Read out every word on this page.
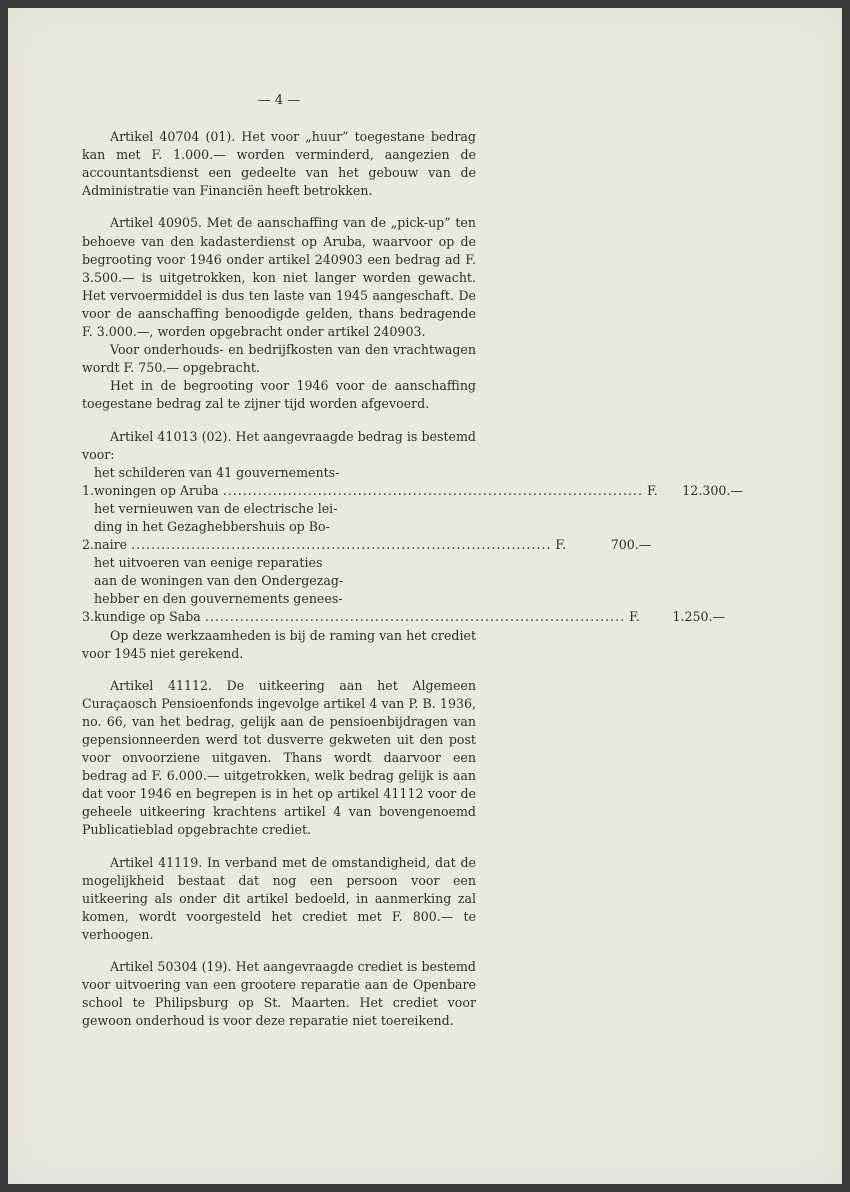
— 4 —

Artikel 40704 (01). Het voor „huur” toegestane bedrag kan met F. 1.000.— worden verminderd, aangezien de accountantsdienst een gedeelte van het gebouw van de Administratie van Financiën heeft betrokken.

Artikel 40905. Met de aanschaffing van de „pick-up” ten behoeve van den kadasterdienst op Aruba, waarvoor op de begrooting voor 1946 onder artikel 240903 een bedrag ad F. 3.500.— is uitgetrokken, kon niet langer worden gewacht. Het vervoermiddel is dus ten laste van 1945 aangeschaft. De voor de aanschaffing benoodigde gelden, thans bedragende F. 3.000.—, worden opgebracht onder artikel 240903.

Voor onderhouds- en bedrijfkosten van den vrachtwagen wordt F. 750.— opgebracht.

Het in de begrooting voor 1946 voor de aanschaffing toegestane bedrag zal te zijner tijd worden afgevoerd.

Artikel 41013 (02). Het aangevraagde bedrag is bestemd voor:

1.
het schilderen van 41 gouvernements-
woningen op Aruba .....	F. 12.300.—
2.
het vernieuwen van de electrische lei-
ding in het Gezaghebbershuis op Bo-
naire .....	F.	700.—
3.
het uitvoeren van eenige reparaties
aan de woningen van den Ondergezag-
hebber en den gouvernements genees-
kundige op Saba .....	F.	1.250.—

Op deze werkzaamheden is bij de raming van het crediet voor 1945 niet gerekend.

Artikel 41112. De uitkeering aan het Algemeen Curaçaosch Pensioenfonds ingevolge artikel 4 van P. B. 1936, no. 66, van het bedrag, gelijk aan de pensioenbijdragen van gepensionneerden werd tot dusverre gekweten uit den post voor onvoorziene uitgaven. Thans wordt daarvoor een bedrag ad F. 6.000.— uitgetrokken, welk bedrag gelijk is aan dat voor 1946 en begrepen is in het op artikel 41112 voor de geheele uitkeering krachtens artikel 4 van bovengenoemd Publicatieblad opgebrachte crediet.

Artikel 41119. In verband met de omstandigheid, dat de mogelijkheid bestaat dat nog een persoon voor een uitkeering als onder dit artikel bedoeld, in aanmerking zal komen, wordt voorgesteld het crediet met F. 800.— te verhoogen.

Artikel 50304 (19). Het aangevraagde crediet is bestemd voor uitvoering van een grootere reparatie aan de Openbare school te Philipsburg op St. Maarten. Het crediet voor gewoon onderhoud is voor deze reparatie niet toereikend.
